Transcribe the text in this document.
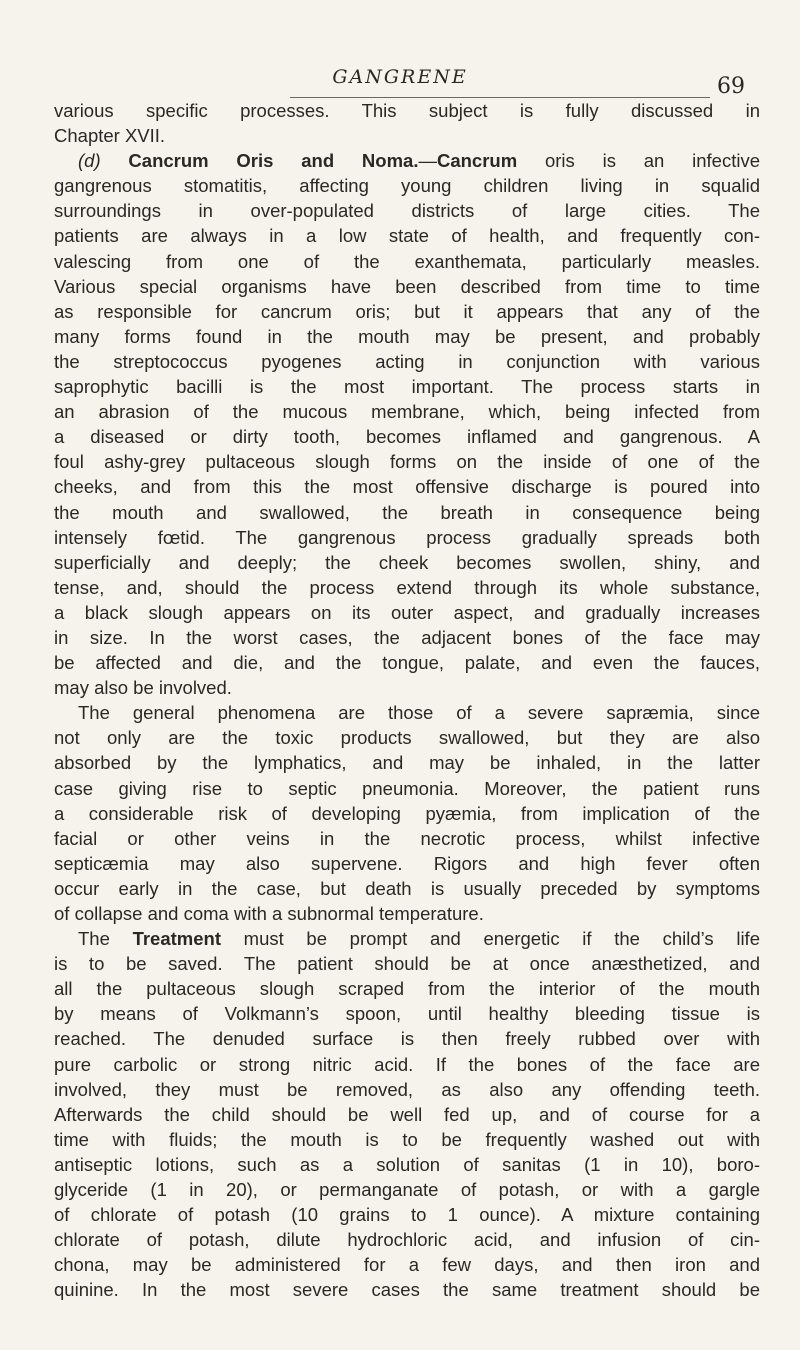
GANGRENE	69
various specific processes. This subject is fully discussed in
Chapter XVII.
(d) Cancrum Oris and Noma.—Cancrum oris is an infective
gangrenous stomatitis, affecting young children living in squalid
surroundings in over-populated districts of large cities. The
patients are always in a low state of health, and frequently con-
valescing from one of the exanthemata, particularly measles.
Various special organisms have been described from time to time
as responsible for cancrum oris; but it appears that any of the
many forms found in the mouth may be present, and probably
the streptococcus pyogenes acting in conjunction with various
saprophytic bacilli is the most important. The process starts in
an abrasion of the mucous membrane, which, being infected from
a diseased or dirty tooth, becomes inflamed and gangrenous. A
foul ashy-grey pultaceous slough forms on the inside of one of the
cheeks, and from this the most offensive discharge is poured into
the mouth and swallowed, the breath in consequence being
intensely fœtid. The gangrenous process gradually spreads both
superficially and deeply; the cheek becomes swollen, shiny, and
tense, and, should the process extend through its whole substance,
a black slough appears on its outer aspect, and gradually increases
in size. In the worst cases, the adjacent bones of the face may
be affected and die, and the tongue, palate, and even the fauces,
may also be involved.
The general phenomena are those of a severe sapræmia, since
not only are the toxic products swallowed, but they are also
absorbed by the lymphatics, and may be inhaled, in the latter
case giving rise to septic pneumonia. Moreover, the patient runs
a considerable risk of developing pyæmia, from implication of the
facial or other veins in the necrotic process, whilst infective
septicæmia may also supervene. Rigors and high fever often
occur early in the case, but death is usually preceded by symptoms
of collapse and coma with a subnormal temperature.
The Treatment must be prompt and energetic if the child’s life
is to be saved. The patient should be at once anæsthetized, and
all the pultaceous slough scraped from the interior of the mouth
by means of Volkmann’s spoon, until healthy bleeding tissue is
reached. The denuded surface is then freely rubbed over with
pure carbolic or strong nitric acid. If the bones of the face are
involved, they must be removed, as also any offending teeth.
Afterwards the child should be well fed up, and of course for a
time with fluids; the mouth is to be frequently washed out with
antiseptic lotions, such as a solution of sanitas (1 in 10), boro-
glyceride (1 in 20), or permanganate of potash, or with a gargle
of chlorate of potash (10 grains to 1 ounce). A mixture containing
chlorate of potash, dilute hydrochloric acid, and infusion of cin-
chona, may be administered for a few days, and then iron and
quinine. In the most severe cases the same treatment should be
